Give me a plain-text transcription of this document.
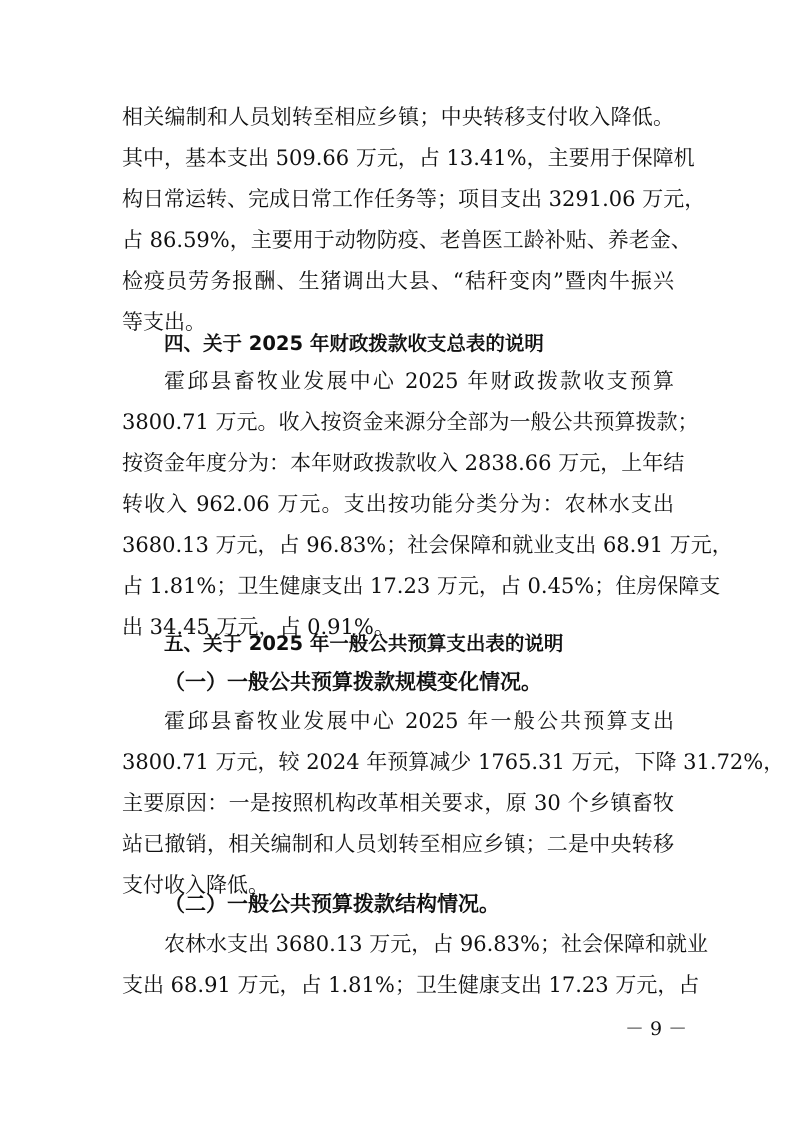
相关编制和人员划转至相应乡镇；中央转移支付收入降低。
其中，基本支出 509.66 万元，占 13.41%，主要用于保障机
构日常运转、完成日常工作任务等；项目支出 3291.06 万元，
占 86.59%，主要用于动物防疫、老兽医工龄补贴、养老金、
检疫员劳务报酬、生猪调出大县、“秸秆变肉”暨肉牛振兴
等支出。
四、关于 2025 年财政拨款收支总表的说明
霍邱县畜牧业发展中心 2025 年财政拨款收支预算
3800.71 万元。收入按资金来源分全部为一般公共预算拨款；
按资金年度分为：本年财政拨款收入 2838.66 万元，上年结
转收入 962.06 万元。支出按功能分类分为：农林水支出
3680.13 万元，占 96.83%；社会保障和就业支出 68.91 万元，
占 1.81%；卫生健康支出 17.23 万元，占 0.45%；住房保障支
出 34.45 万元，占 0.91%。
五、关于 2025 年一般公共预算支出表的说明
（一）一般公共预算拨款规模变化情况。
霍邱县畜牧业发展中心 2025 年一般公共预算支出
3800.71 万元，较 2024 年预算减少 1765.31 万元，下降 31.72%，
主要原因：一是按照机构改革相关要求，原 30 个乡镇畜牧
站已撤销，相关编制和人员划转至相应乡镇；二是中央转移
支付收入降低。
（二）一般公共预算拨款结构情况。
农林水支出 3680.13 万元，占 96.83%；社会保障和就业
支出 68.91 万元，占 1.81%；卫生健康支出 17.23 万元，占
－ 9 －
